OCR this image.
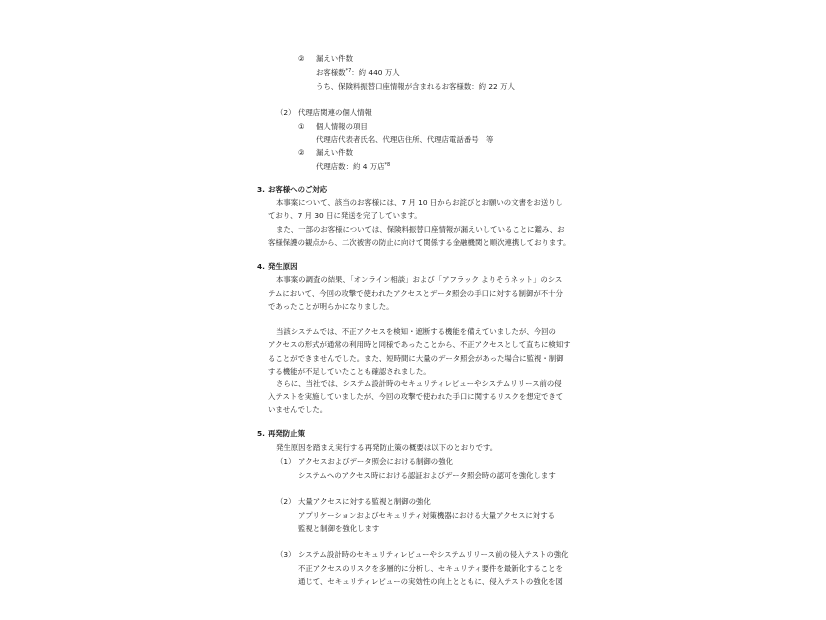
② 漏えい件数
お客様数$^{*7}$：約 440 万人
うち、保険料振替口座情報が含まれるお客様数：約 22 万人
（2） 代理店関連の個人情報
① 個人情報の項目
代理店代表者氏名、代理店住所、代理店電話番号　等
② 漏えい件数
代理店数：約 4 万店$^{*8}$
3. お客様へのご対応
本事案について、該当のお客様には、7 月 10 日からお詫びとお願いの文書をお送りし
ており、7 月 30 日に発送を完了しています。
また、一部のお客様については、保険料振替口座情報が漏えいしていることに鑑み、お
客様保護の観点から、二次被害の防止に向けて関係する金融機関と順次連携しております。
4. 発生原因
本事案の調査の結果、「オンライン相談」および「アフラック よりそうネット」のシス
テムにおいて、今回の攻撃で使われたアクセスとデータ照会の手口に対する制御が不十分
であったことが明らかになりました。
当該システムでは、不正アクセスを検知・遮断する機能を備えていましたが、今回の
アクセスの形式が通常の利用時と同様であったことから、不正アクセスとして直ちに検知す
ることができませんでした。また、短時間に大量のデータ照会があった場合に監視・制御
する機能が不足していたことも確認されました。
さらに、当社では、システム設計時のセキュリティレビューやシステムリリース前の侵
入テストを実施していましたが、今回の攻撃で使われた手口に関するリスクを想定できて
いませんでした。
5. 再発防止策
発生原因を踏まえ実行する再発防止策の概要は以下のとおりです。
（1） アクセスおよびデータ照会における制御の強化
システムへのアクセス時における認証およびデータ照会時の認可を強化します
（2） 大量アクセスに対する監視と制御の強化
アプリケーションおよびセキュリティ対策機器における大量アクセスに対する
監視と制御を強化します
（3） システム設計時のセキュリティレビューやシステムリリース前の侵入テストの強化
不正アクセスのリスクを多層的に分析し、セキュリティ要件を最新化することを
通じて、セキュリティレビューの実効性の向上とともに、侵入テストの強化を図
